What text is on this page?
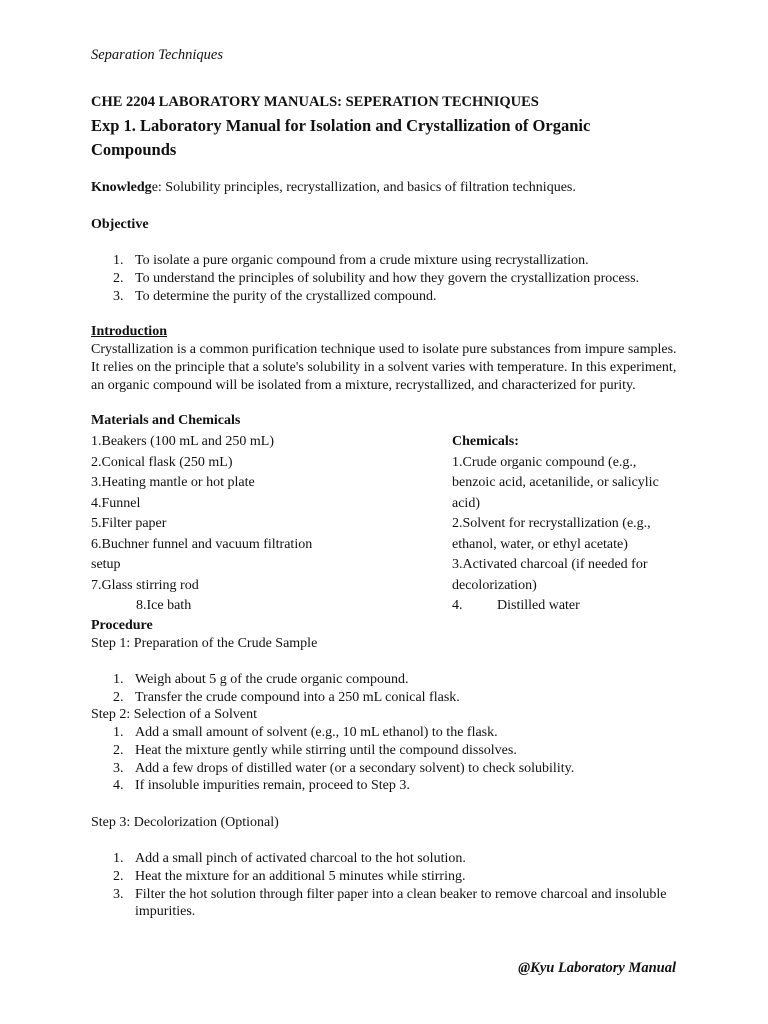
Separation Techniques
CHE 2204 LABORATORY MANUALS: SEPERATION TECHNIQUES
Exp 1. Laboratory Manual for Isolation and Crystallization of Organic Compounds
Knowledge: Solubility principles, recrystallization, and basics of filtration techniques.
Objective
1. To isolate a pure organic compound from a crude mixture using recrystallization.
2. To understand the principles of solubility and how they govern the crystallization process.
3. To determine the purity of the crystallized compound.
Introduction
Crystallization is a common purification technique used to isolate pure substances from impure samples. It relies on the principle that a solute's solubility in a solvent varies with temperature. In this experiment, an organic compound will be isolated from a mixture, recrystallized, and characterized for purity.
Materials and Chemicals
1.Beakers (100 mL and 250 mL)
2.Conical flask (250 mL)
3.Heating mantle or hot plate
4.Funnel
5.Filter paper
6.Buchner funnel and vacuum filtration setup
7.Glass stirring rod
8.Ice bath
Chemicals:
1.Crude organic compound (e.g., benzoic acid, acetanilide, or salicylic acid)
2.Solvent for recrystallization (e.g., ethanol, water, or ethyl acetate)
3.Activated charcoal (if needed for decolorization)
4. Distilled water
Procedure
Step 1: Preparation of the Crude Sample
1. Weigh about 5 g of the crude organic compound.
2. Transfer the crude compound into a 250 mL conical flask.
Step 2: Selection of a Solvent
1. Add a small amount of solvent (e.g., 10 mL ethanol) to the flask.
2. Heat the mixture gently while stirring until the compound dissolves.
3. Add a few drops of distilled water (or a secondary solvent) to check solubility.
4. If insoluble impurities remain, proceed to Step 3.
Step 3: Decolorization (Optional)
1. Add a small pinch of activated charcoal to the hot solution.
2. Heat the mixture for an additional 5 minutes while stirring.
3. Filter the hot solution through filter paper into a clean beaker to remove charcoal and insoluble impurities.
@Kyu Laboratory Manual
